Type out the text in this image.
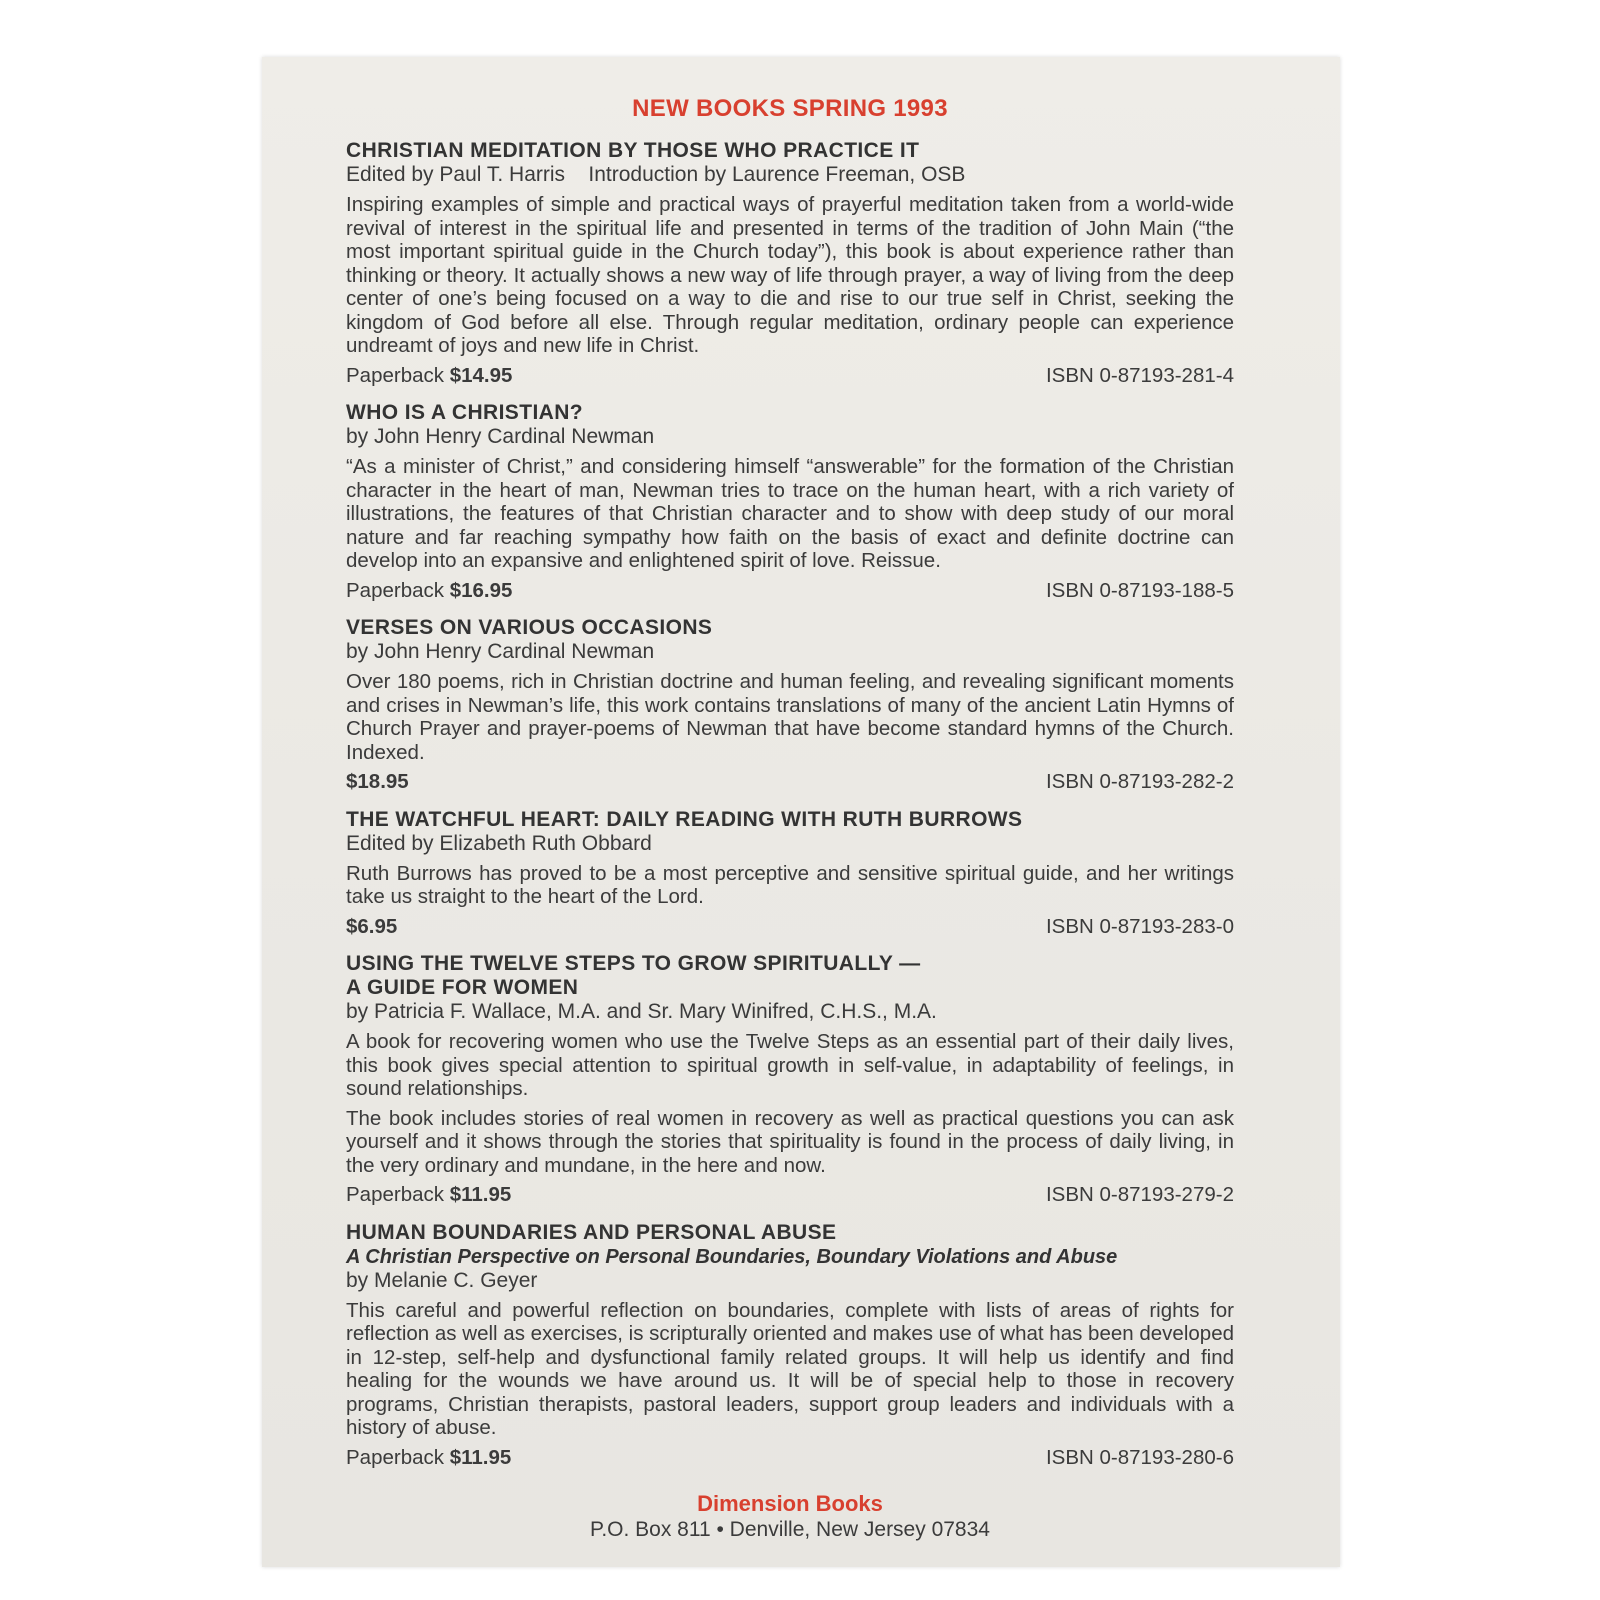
NEW BOOKS SPRING 1993
CHRISTIAN MEDITATION BY THOSE WHO PRACTICE IT
Edited by Paul T. Harris    Introduction by Laurence Freeman, OSB
Inspiring examples of simple and practical ways of prayerful meditation taken from a world-wide revival of interest in the spiritual life and presented in terms of the tradition of John Main (“the most important spiritual guide in the Church today”), this book is about experience rather than thinking or theory. It actually shows a new way of life through prayer, a way of living from the deep center of one’s being focused on a way to die and rise to our true self in Christ, seeking the kingdom of God before all else. Through regular meditation, ordinary people can experience undreamt of joys and new life in Christ.
Paperback $14.95	ISBN 0-87193-281-4
WHO IS A CHRISTIAN?
by John Henry Cardinal Newman
“As a minister of Christ,” and considering himself “answerable” for the formation of the Christian character in the heart of man, Newman tries to trace on the human heart, with a rich variety of illustrations, the features of that Christian character and to show with deep study of our moral nature and far reaching sympathy how faith on the basis of exact and definite doctrine can develop into an expansive and enlightened spirit of love. Reissue.
Paperback $16.95	ISBN 0-87193-188-5
VERSES ON VARIOUS OCCASIONS
by John Henry Cardinal Newman
Over 180 poems, rich in Christian doctrine and human feeling, and revealing significant moments and crises in Newman’s life, this work contains translations of many of the ancient Latin Hymns of Church Prayer and prayer-poems of Newman that have become standard hymns of the Church. Indexed.
$18.95	ISBN 0-87193-282-2
THE WATCHFUL HEART: DAILY READING WITH RUTH BURROWS
Edited by Elizabeth Ruth Obbard
Ruth Burrows has proved to be a most perceptive and sensitive spiritual guide, and her writings take us straight to the heart of the Lord.
$6.95	ISBN 0-87193-283-0
USING THE TWELVE STEPS TO GROW SPIRITUALLY —
A GUIDE FOR WOMEN
by Patricia F. Wallace, M.A. and Sr. Mary Winifred, C.H.S., M.A.
A book for recovering women who use the Twelve Steps as an essential part of their daily lives, this book gives special attention to spiritual growth in self-value, in adaptability of feelings, in sound relationships.
The book includes stories of real women in recovery as well as practical questions you can ask yourself and it shows through the stories that spirituality is found in the process of daily living, in the very ordinary and mundane, in the here and now.
Paperback $11.95	ISBN 0-87193-279-2
HUMAN BOUNDARIES AND PERSONAL ABUSE
A Christian Perspective on Personal Boundaries, Boundary Violations and Abuse
by Melanie C. Geyer
This careful and powerful reflection on boundaries, complete with lists of areas of rights for reflection as well as exercises, is scripturally oriented and makes use of what has been developed in 12-step, self-help and dysfunctional family related groups. It will help us identify and find healing for the wounds we have around us. It will be of special help to those in recovery programs, Christian therapists, pastoral leaders, support group leaders and individuals with a history of abuse.
Paperback $11.95	ISBN 0-87193-280-6
Dimension Books
P.O. Box 811 • Denville, New Jersey 07834
